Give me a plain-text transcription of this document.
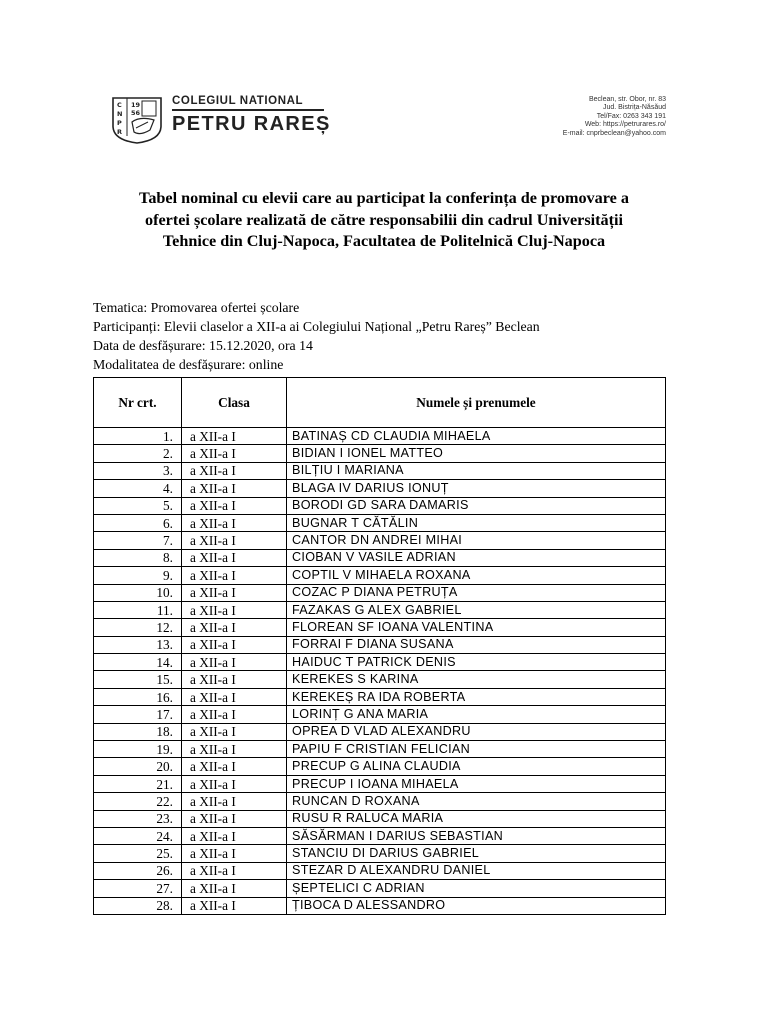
C
N
P
R
19
56
COLEGIUL NATIONAL
PETRU RAREȘ
Beclean, str. Obor, nr. 83
Jud. Bistrița-Năsăud
Tel/Fax: 0263 343 191
Web: https://petrurares.ro/
E-mail: cnprbeclean@yahoo.com
Tabel nominal cu elevii care au participat la conferința de promovare a
ofertei școlare realizată de către responsabilii din cadrul Universității
Tehnice din Cluj-Napoca, Facultatea de Politelnică Cluj-Napoca
Tematica: Promovarea ofertei școlare
Participanți: Elevii claselor a XII-a ai Colegiului Național „Petru Rareș” Beclean
Data de desfășurare: 15.12.2020, ora 14
Modalitatea de desfășurare: online
Nr crt.	Clasa	Numele și prenumele
1.	a XII-a I	BATINAȘ CD CLAUDIA MIHAELA
2.	a XII-a I	BIDIAN I IONEL MATTEO
3.	a XII-a I	BILȚIU I MARIANA
4.	a XII-a I	BLAGA IV DARIUS IONUȚ
5.	a XII-a I	BORODI GD SARA DAMARIS
6.	a XII-a I	BUGNAR T CĂTĂLIN
7.	a XII-a I	CANTOR DN ANDREI MIHAI
8.	a XII-a I	CIOBAN V VASILE ADRIAN
9.	a XII-a I	COPTIL V MIHAELA ROXANA
10.	a XII-a I	COZAC P DIANA PETRUȚA
11.	a XII-a I	FAZAKAS G ALEX GABRIEL
12.	a XII-a I	FLOREAN SF IOANA VALENTINA
13.	a XII-a I	FORRAI F DIANA SUSANA
14.	a XII-a I	HAIDUC T PATRICK DENIS
15.	a XII-a I	KEREKES S KARINA
16.	a XII-a I	KEREKEȘ RA IDA ROBERTA
17.	a XII-a I	LORINȚ G ANA MARIA
18.	a XII-a I	OPREA D VLAD ALEXANDRU
19.	a XII-a I	PAPIU F CRISTIAN FELICIAN
20.	a XII-a I	PRECUP G ALINA CLAUDIA
21.	a XII-a I	PRECUP I IOANA MIHAELA
22.	a XII-a I	RUNCAN D ROXANA
23.	a XII-a I	RUSU R RALUCA MARIA
24.	a XII-a I	SĂSĂRMAN I DARIUS SEBASTIAN
25.	a XII-a I	STANCIU DI DARIUS GABRIEL
26.	a XII-a I	STEZAR D ALEXANDRU DANIEL
27.	a XII-a I	ȘEPTELICI C ADRIAN
28.	a XII-a I	ȚIBOCA D ALESSANDRO
